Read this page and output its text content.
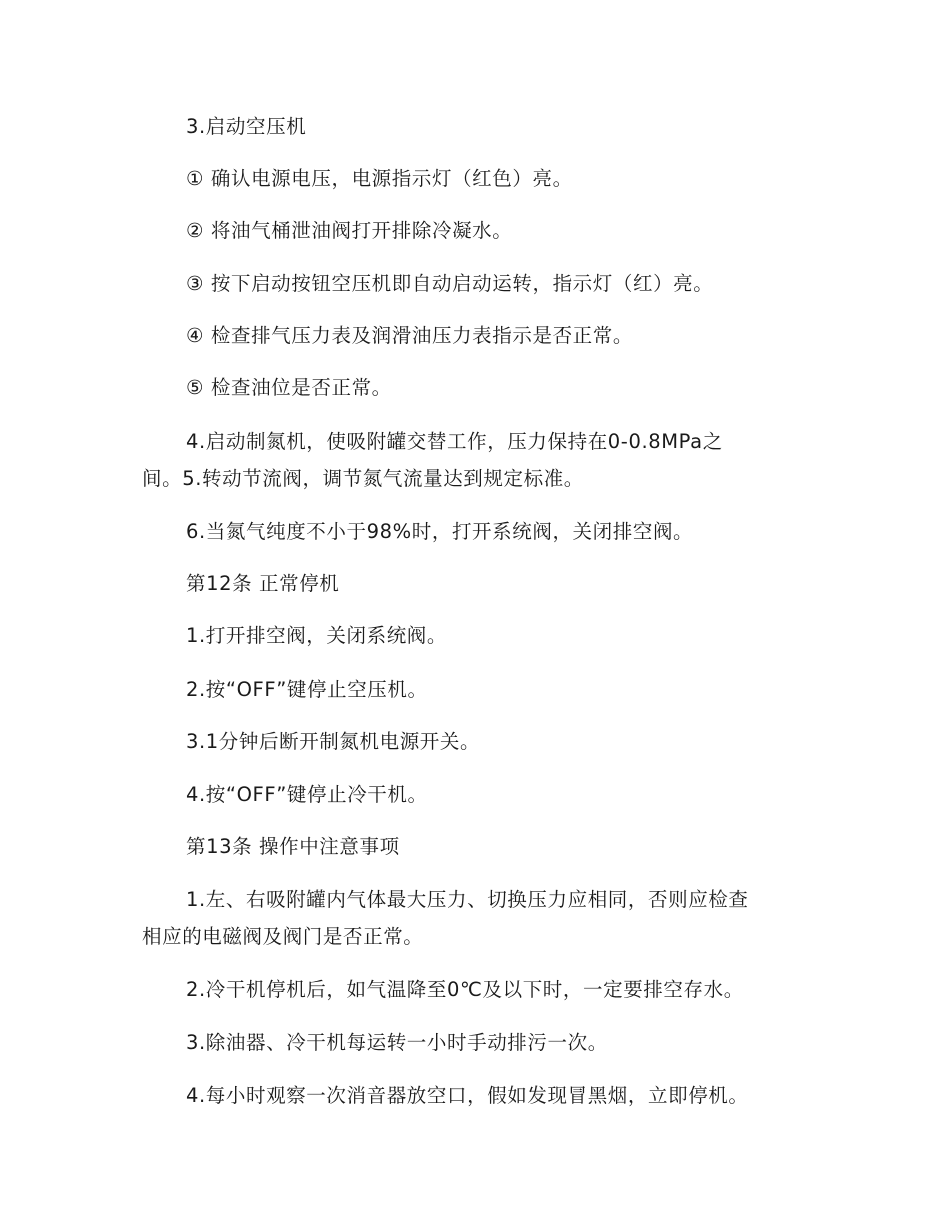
3.启动空压机
① 确认电源电压，电源指示灯（红色）亮。
② 将油气桶泄油阀打开排除冷凝水。
③ 按下启动按钮空压机即自动启动运转，指示灯（红）亮。
④ 检查排气压力表及润滑油压力表指示是否正常。
⑤ 检查油位是否正常。
4.启动制氮机，使吸附罐交替工作，压力保持在0-0.8MPa之
间。5.转动节流阀，调节氮气流量达到规定标准。
6.当氮气纯度不小于98%时，打开系统阀，关闭排空阀。
第12条 正常停机
1.打开排空阀，关闭系统阀。
2.按“OFF”键停止空压机。
3.1分钟后断开制氮机电源开关。
4.按“OFF”键停止冷干机。
第13条 操作中注意事项
1.左、右吸附罐内气体最大压力、切换压力应相同，否则应检查
相应的电磁阀及阀门是否正常。
2.冷干机停机后，如气温降至0℃及以下时，一定要排空存水。
3.除油器、冷干机每运转一小时手动排污一次。
4.每小时观察一次消音器放空口，假如发现冒黑烟，立即停机。
